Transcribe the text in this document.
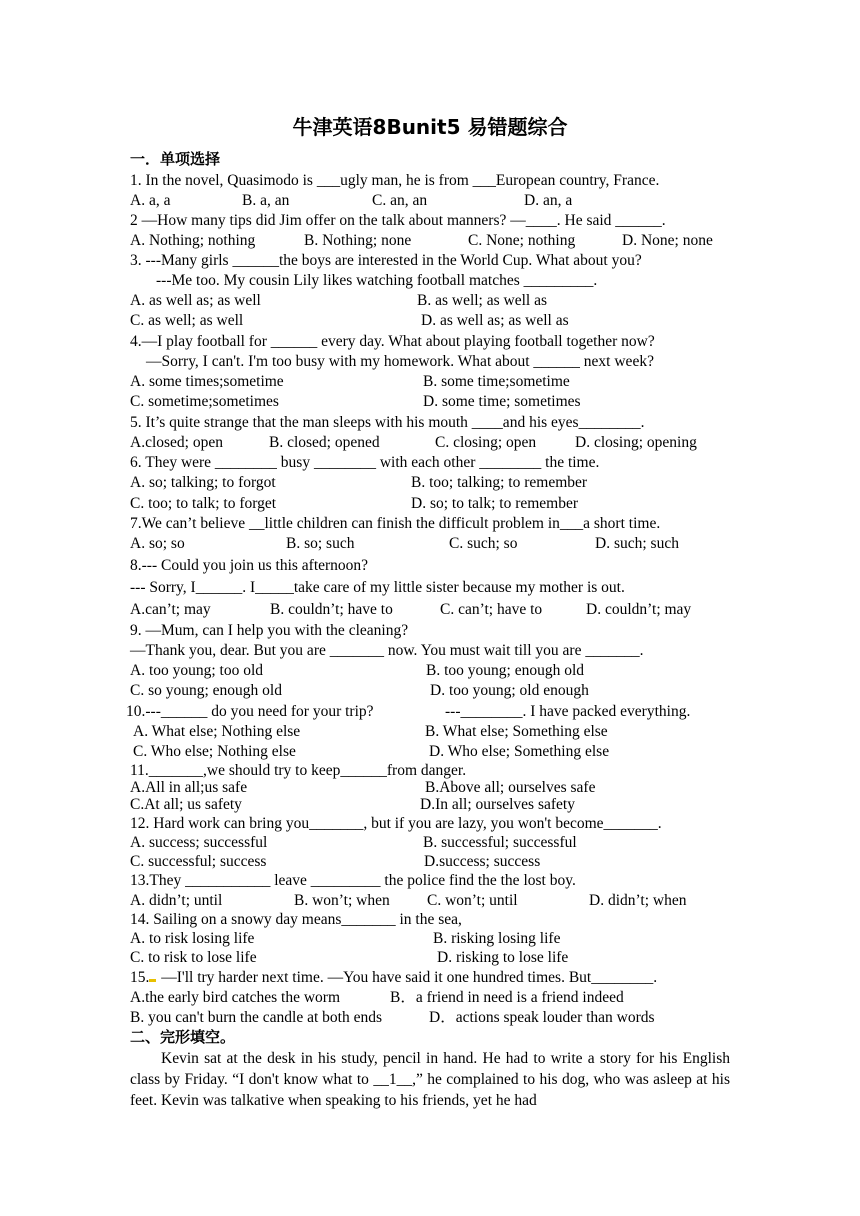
牛津英语8Bunit5 易错题综合
一．单项选择
1. In the novel, Quasimodo is ___ugly man, he is from ___European country, France.
A. a, a	B. a, an	C. an, an	D. an, a
2 —How many tips did Jim offer on the talk about manners? —____. He said ______.
A. Nothing; nothing	B. Nothing; none	C. None; nothing	D. None; none
3. ---Many girls ______the boys are interested in the World Cup. What about you?
---Me too. My cousin Lily likes watching football matches _________.
A. as well as; as well	B. as well; as well as
C. as well; as well	D. as well as; as well as
4.—I play football for ______ every day. What about playing football together now?
—Sorry, I can't. I'm too busy with my homework. What about ______ next week?
A. some times;sometime	B. some time;sometime
C. sometime;sometimes	D. some time; sometimes
5. It’s quite strange that the man sleeps with his mouth ____and his eyes________.
A.closed; open	B. closed; opened	C. closing; open	D. closing; opening
6. They were ________ busy ________ with each other ________ the time.
A. so; talking; to forgot	B. too; talking; to remember
C. too; to talk; to forget	D. so; to talk; to remember
7.We can’t believe __little children can finish the difficult problem in___a short time.
A. so; so	B. so; such	C. such; so	D. such; such
8.--- Could you join us this afternoon?
--- Sorry, I______. I_____take care of my little sister because my mother is out.
A.can’t; may	B. couldn’t; have to	C. can’t; have to	D. couldn’t; may
9. —Mum, can I help you with the cleaning?
—Thank you, dear. But you are _______ now. You must wait till you are _______.
A. too young; too old	B. too young; enough old
C. so young; enough old	D. too young; old enough
10.---______ do you need for your trip?	---________. I have packed everything.
A. What else; Nothing else	B. What else; Something else
C. Who else; Nothing else	D. Who else; Something else
11._______,we should try to keep______from danger.
A.All in all;us safe	B.Above all; ourselves safe
C.At all; us safety	D.In all; ourselves safety
12. Hard work can bring you_______, but if you are lazy, you won't become_______.
A. success; successful	B. successful; successful
C. successful; success	D.success; success
13.They ___________ leave _________ the police find the the lost boy.
A. didn’t; until	B. won’t; when C. won’t; until	D. didn’t; when
14. Sailing on a snowy day means_______ in the sea,
A. to risk losing life	B. risking losing life
C. to risk to lose life	D. risking to lose life
15. —I'll try harder next time. —You have said it one hundred times. But________.
A.the early bird catches the worm	B．a friend in need is a friend indeed
B. you can't burn the candle at both ends	D．actions speak louder than words
二、完形填空。
Kevin sat at the desk in his study, pencil in hand. He had to write a story for his English class by Friday. “I don't know what to __1__,” he complained to his dog, who was asleep at his feet. Kevin was talkative when speaking to his friends, yet he had
